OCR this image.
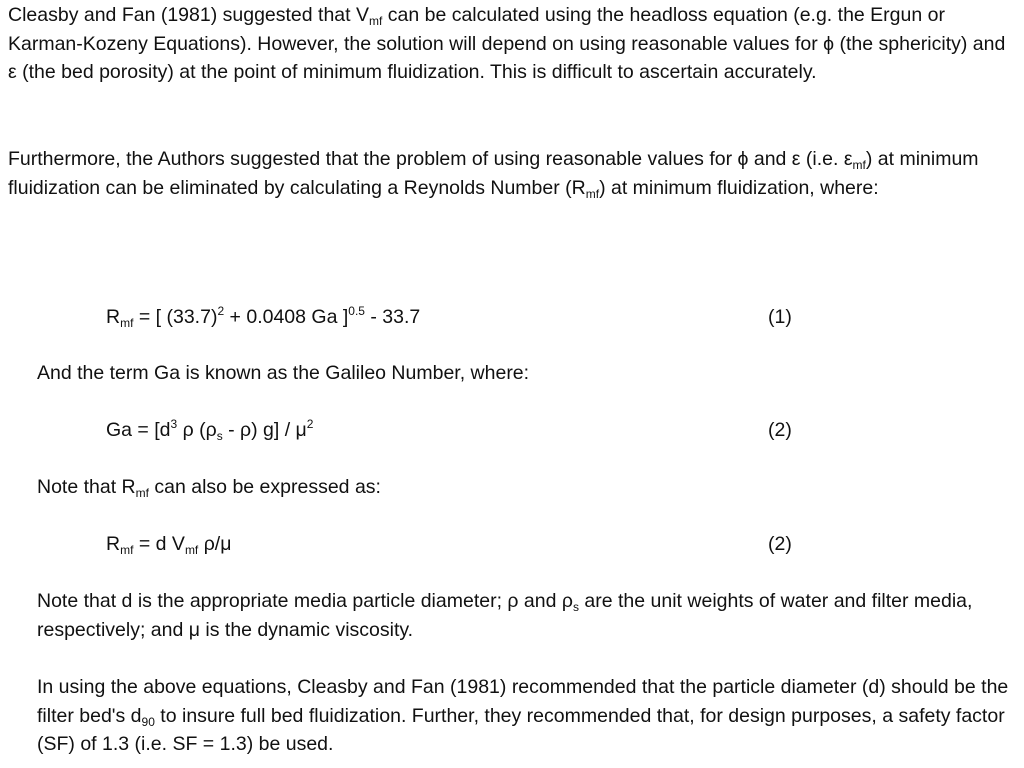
Cleasby and Fan (1981) suggested that $V_{mf}$ can be calculated using the headloss equation (e.g. the Ergun or Karman-Kozeny Equations). However, the solution will depend on using reasonable values for ϕ (the sphericity) and ε (the bed porosity) at the point of minimum fluidization. This is difficult to ascertain accurately.

Furthermore, the Authors suggested that the problem of using reasonable values for ϕ and ε (i.e. $\varepsilon_{mf}$) at minimum fluidization can be eliminated by calculating a Reynolds Number $(R_{mf})$ at minimum fluidization, where:

$R_{mf}$ = [ $(33.7)^2 + 0.0408$ Ga ]$^{0.5}$ - 33.7	(1)

And the term Ga is known as the Galileo Number, where:

$Ga = [d^3$ ρ $(\rho_s - \rho)$ $g] / \mu^2$	(2)

Note that $R_{mf}$ can also be expressed as:

$R_{mf} = d$ $V_{mf}$ ρ/μ	(2)

Note that d is the appropriate media particle diameter; ρ and $\rho_s$ are the unit weights of water and filter media, respectively; and μ is the dynamic viscosity.

In using the above equations, Cleasby and Fan (1981) recommended that the particle diameter (d) should be the filter bed's $d_{90}$ to insure full bed fluidization. Further, they recommended that, for design purposes, a safety factor (SF) of 1.3 (i.e. SF = 1.3) be used.
